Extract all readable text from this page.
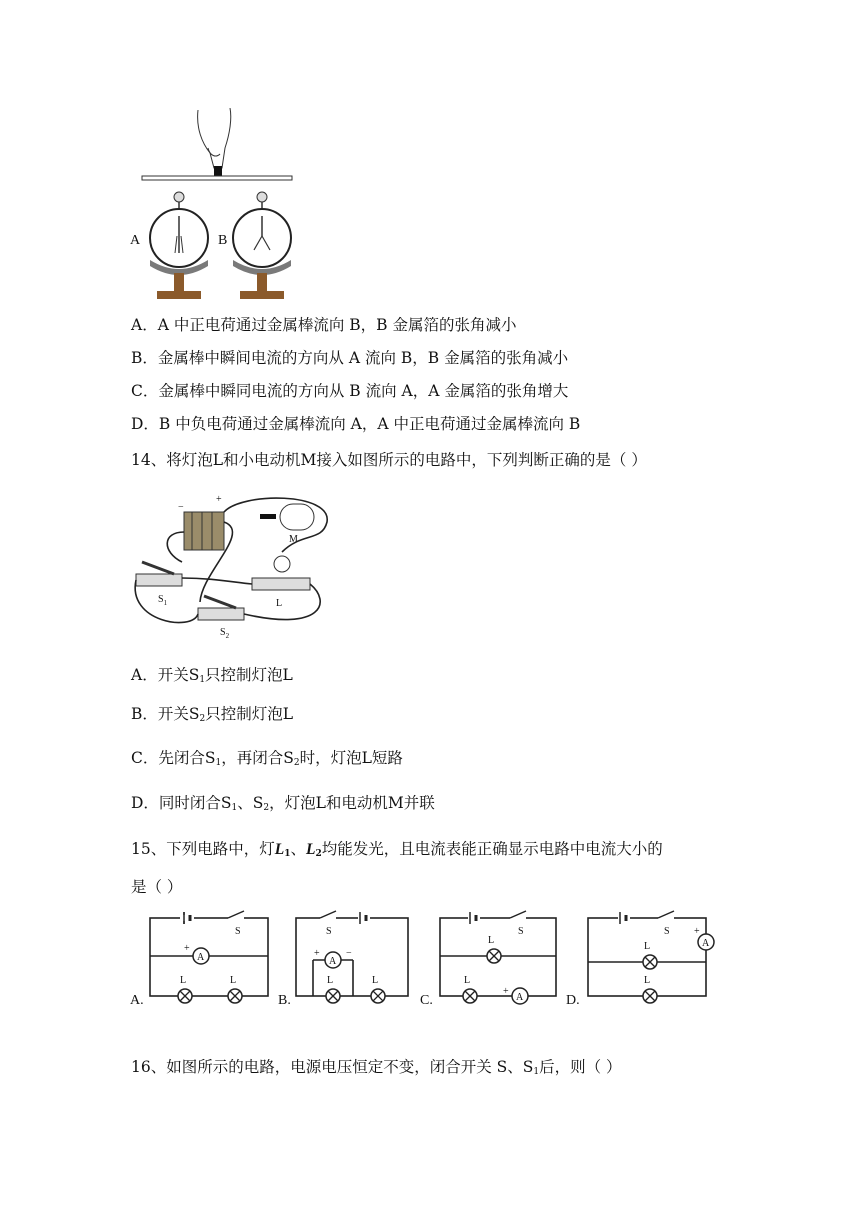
A	B
A．A 中正电荷通过金属棒流向 B，B 金属箔的张角减小
B．金属棒中瞬间电流的方向从 A 流向 B，B 金属箔的张角减小
C．金属棒中瞬同电流的方向从 B 流向 A，A 金属箔的张角增大
D．B 中负电荷通过金属棒流向 A，A 中正电荷通过金属棒流向 B
14、将灯泡L和小电动机M接入如图所示的电路中，下列判断正确的是（ ）
−
+
M
L
$S_1$
$S_2$
A．开关$S_1$只控制灯泡L
B．开关$S_2$只控制灯泡L
C．先闭合$S_1$，再闭合$S_2$时，灯泡L短路
D．同时闭合$S_1$、$S_2$，灯泡L和电动机M并联
15、下列电路中，灯$L_1$、$L_2$均能发光，且电流表能正确显示电路中电流大小的
是（ ）
S
A
+
L	L
A.
S
A
+	−
L	L
B.
S
L
L
A
+
C.
S
A
+
L
L
D.
16、如图所示的电路，电源电压恒定不变，闭合开关 S、$S_1$后，则（ ）
